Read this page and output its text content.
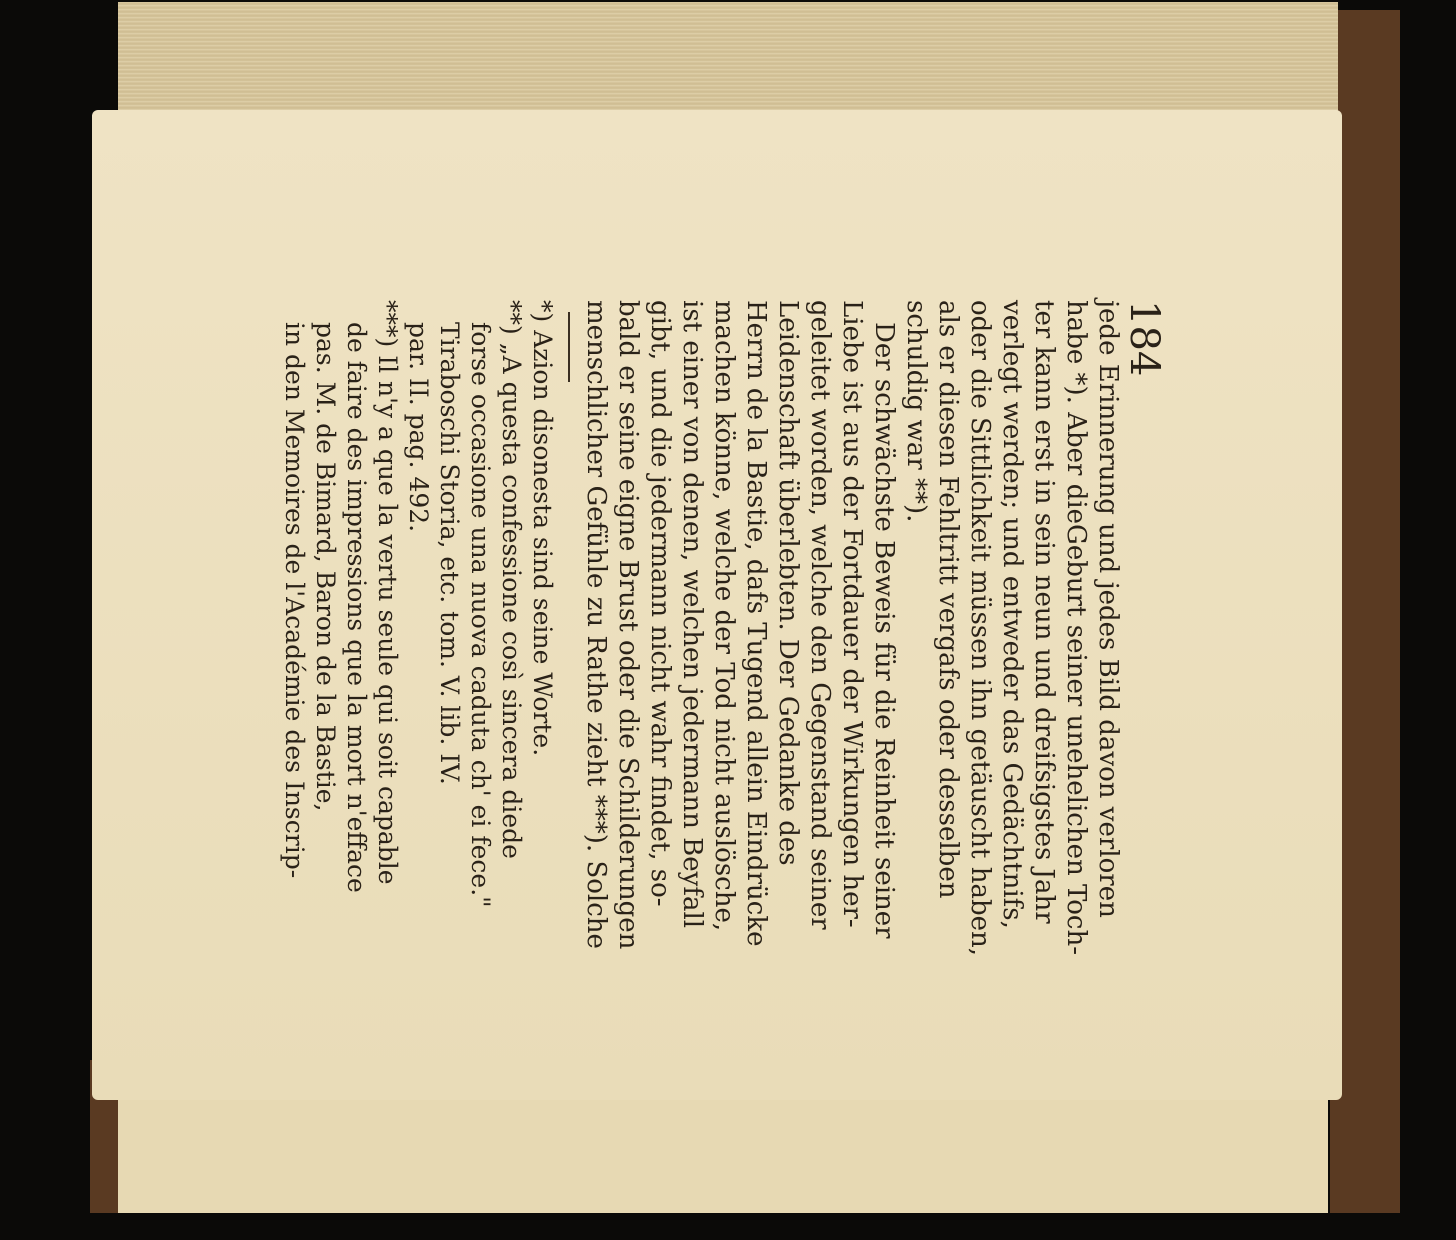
184
jede Erinnerung und jedes Bild davon verloren
habe *). Aber dieGeburt seiner unehelichen Toch-
ter kann erst in sein neun und dreifsigstes Jahr
verlegt werden; und entweder das Gedächtnifs,
oder die Sittlichkeit müssen ihn getäuscht haben,
als er diesen Fehltritt vergafs oder desselben
schuldig war **).
Der schwächste Beweis für die Reinheit seiner
Liebe ist aus der Fortdauer der Wirkungen her-
geleitet worden, welche den Gegenstand seiner
Leidenschaft überlebten. Der Gedanke des
Herrn de la Bastie, dafs Tugend allein Eindrücke
machen könne, welche der Tod nicht auslösche,
ist einer von denen, welchen jedermann Beyfall
gibt, und die jedermann nicht wahr findet, so-
bald er seine eigne Brust oder die Schilderungen
menschlicher Gefühle zu Rathe zieht ***). Solche
*) Azion disonesta sind seine Worte.
**) „A questa confessione così sincera diede
forse occasione una nuova caduta ch' ei fece."
Tiraboschi Storia, etc. tom. V. lib. IV.
par. II. pag. 492.
***) Il n'y a que la vertu seule qui soit capable
de faire des impressions que la mort n'efface
pas. M. de Bimard, Baron de la Bastie,
in den Memoires de l'Académie des Inscrip-
